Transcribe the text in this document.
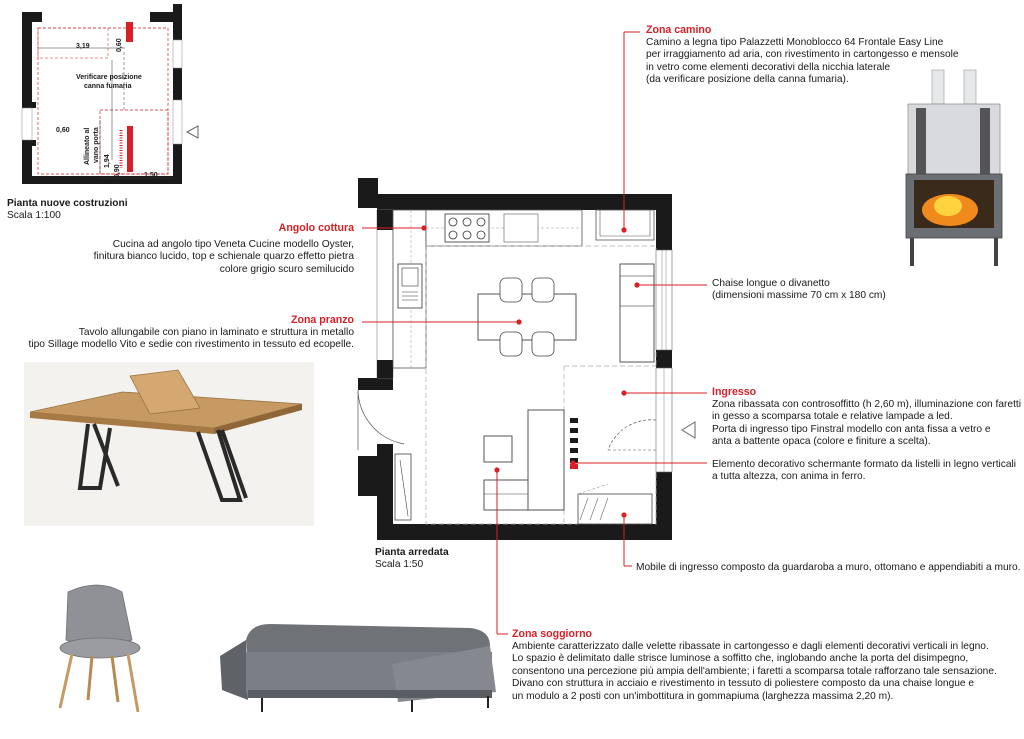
3,19	0,60
0,60
1,94
0,90	1,50
Verificare posizione
canna fumaria
Allineato al vano porta
Pianta nuove costruzioni
Scala 1:100
Pianta arredata
Scala 1:50
Zona camino
Camino a legna tipo Palazzetti Monoblocco 64 Frontale Easy Line
per irraggiamento ad aria, con rivestimento in cartongesso e mensole
in vetro come elementi decorativi della nicchia laterale
(da verificare posizione della canna fumaria).
Angolo cottura
Cucina ad angolo tipo Veneta Cucine modello Oyster,
finitura bianco lucido, top e schienale quarzo effetto pietra
colore grigio scuro semilucido
Zona pranzo
Tavolo allungabile con piano in laminato e struttura in metallo
tipo Sillage modello Vito e sedie con rivestimento in tessuto ed ecopelle.
Chaise longue o divanetto
(dimensioni massime 70 cm x 180 cm)
Ingresso
Zona ribassata con controsoffitto (h 2,60 m), illuminazione con faretti
in gesso a scomparsa totale e relative lampade a led.
Porta di ingresso tipo Finstral modello con anta fissa a vetro e
anta a battente opaca (colore e finiture a scelta).
Elemento decorativo schermante formato da listelli in legno verticali
a tutta altezza, con anima in ferro.
Mobile di ingresso composto da guardaroba a muro, ottomano e appendiabiti a muro.
Zona soggiorno
Ambiente caratterizzato dalle velette ribassate in cartongesso e dagli elementi decorativi verticali in legno.
Lo spazio è delimitato dalle strisce luminose a soffitto che, inglobando anche la porta del disimpegno,
consentono una percezione più ampia dell'ambiente; i faretti a scomparsa totale rafforzano tale sensazione.
Divano con struttura in acciaio e rivestimento in tessuto di poliestere composto da una chaise longue e
un modulo a 2 posti con un'imbottitura in gommapiuma (larghezza massima 2,20 m).
